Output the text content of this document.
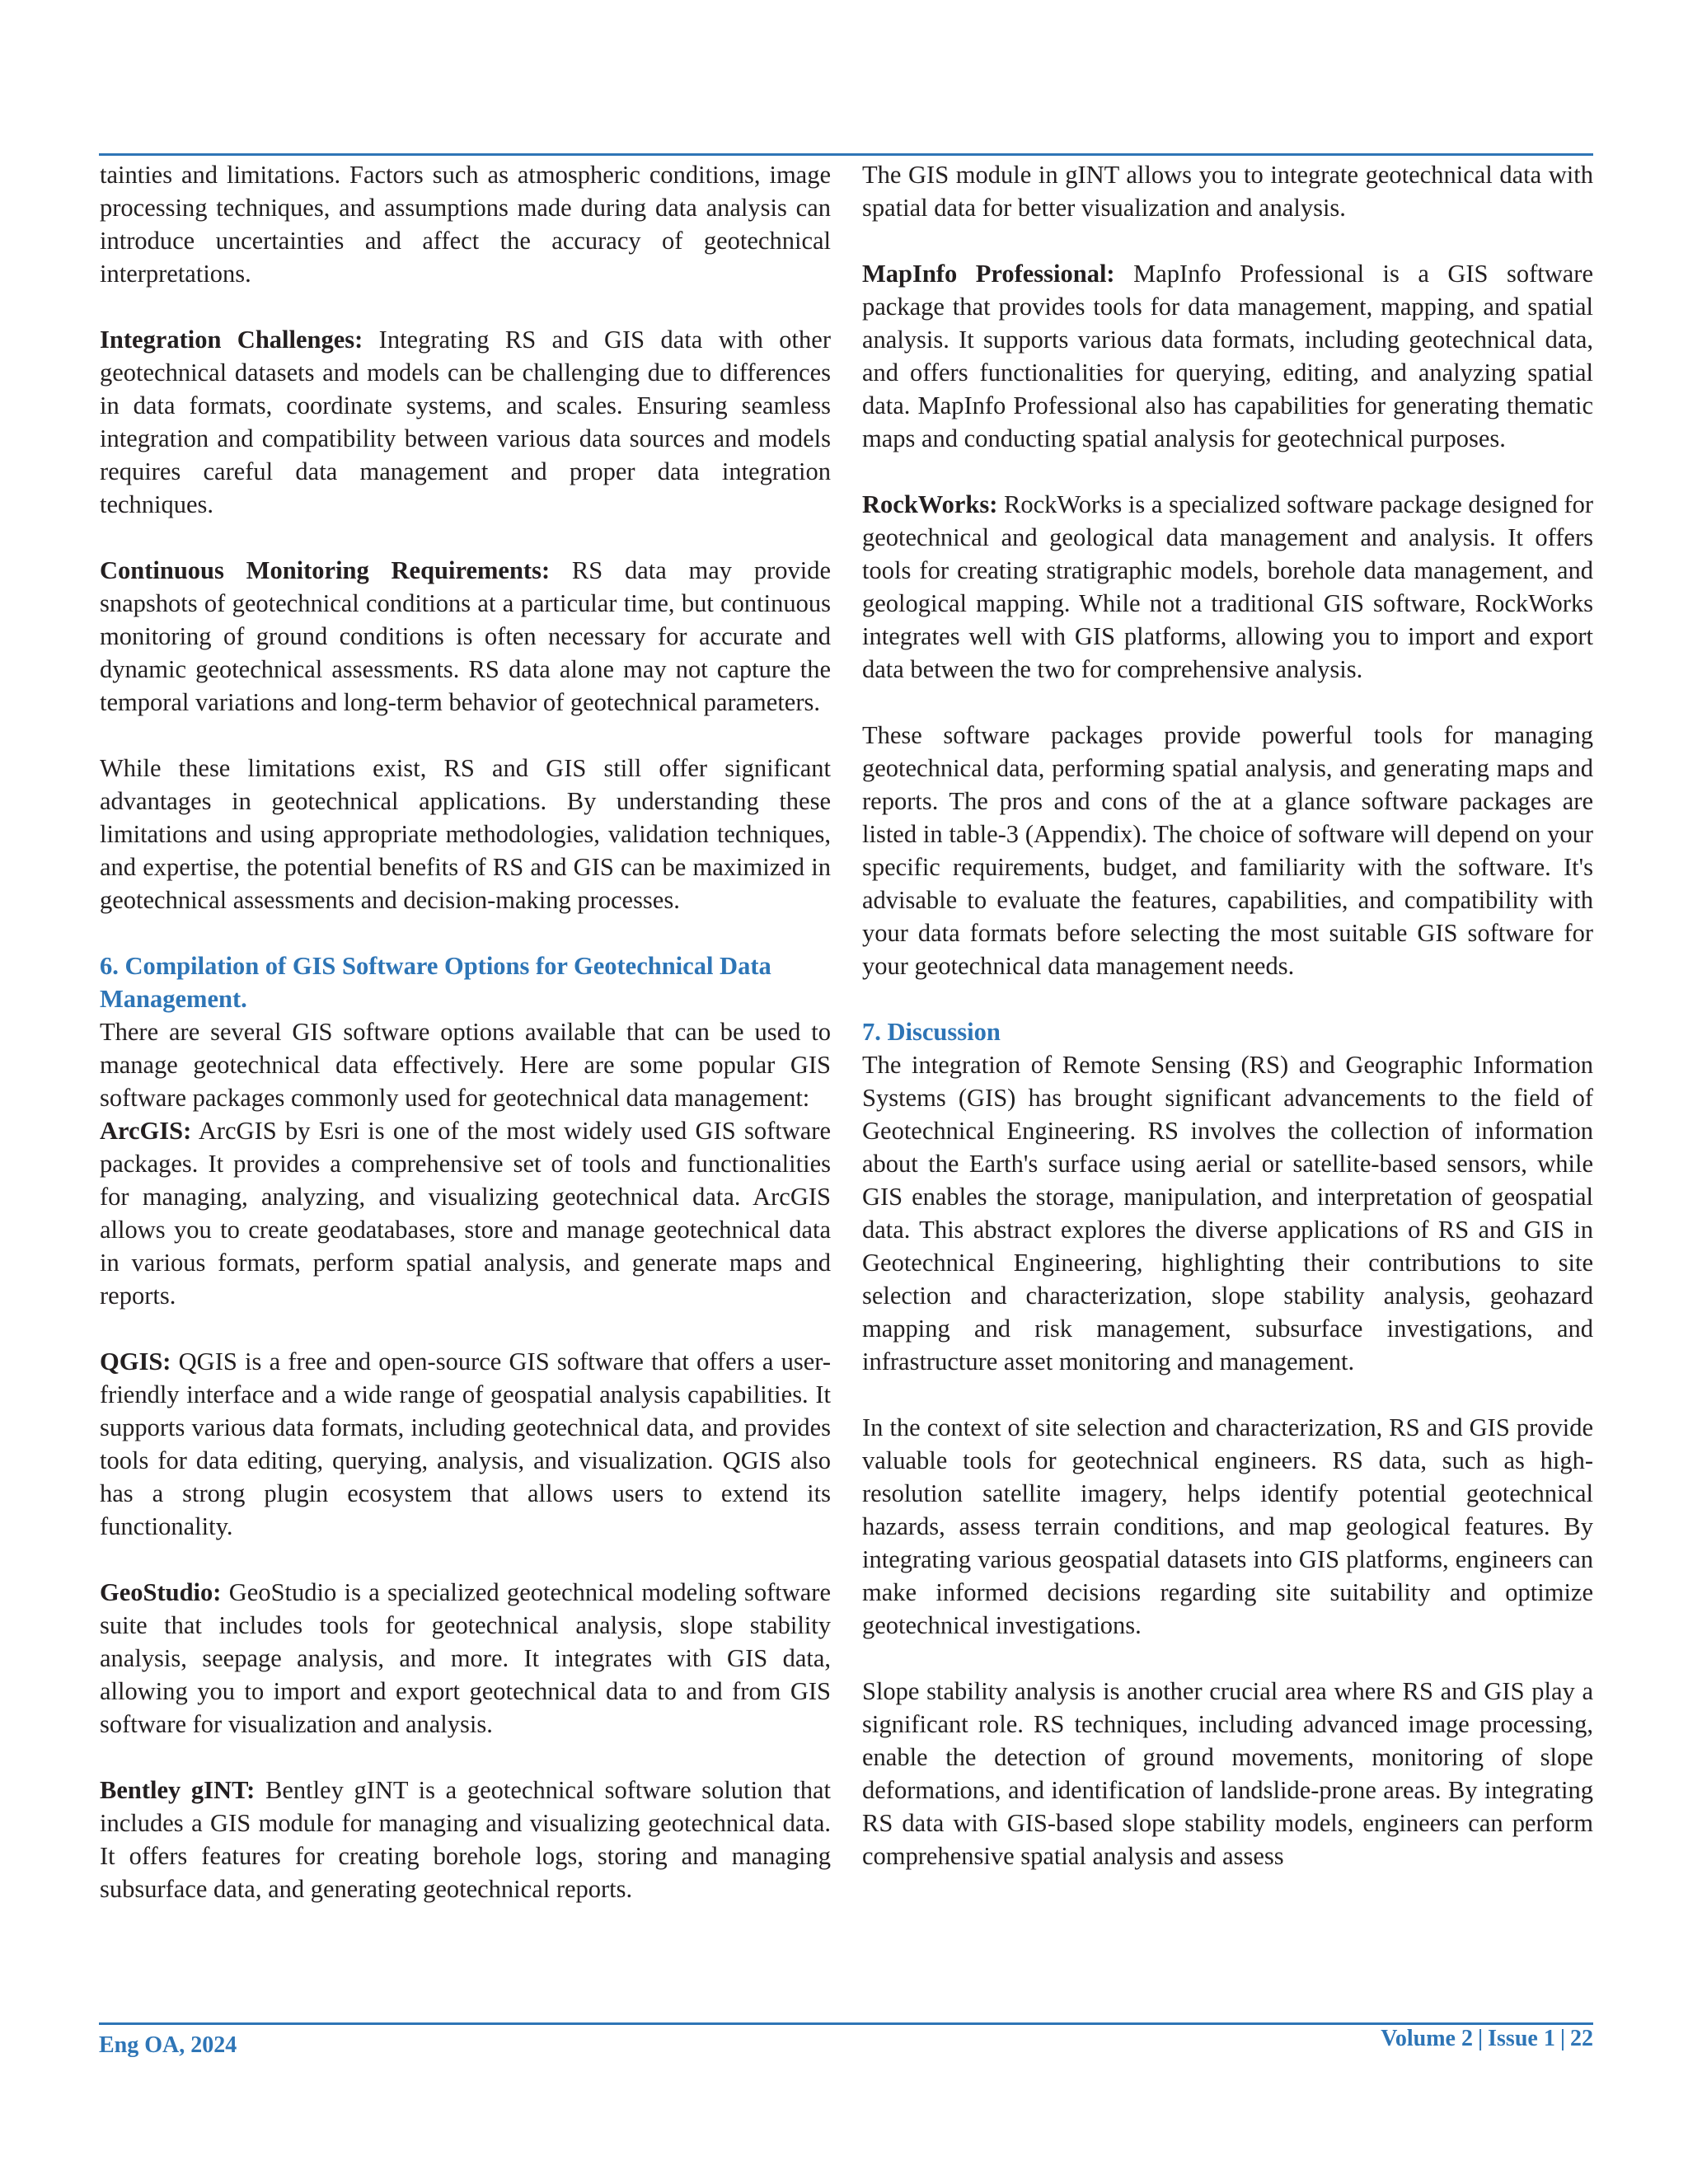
tainties and limitations. Factors such as atmospheric conditions, image processing techniques, and assumptions made during data analysis can introduce uncertainties and affect the accuracy of geotechnical interpretations.

Integration Challenges: Integrating RS and GIS data with other geotechnical datasets and models can be challenging due to differences in data formats, coordinate systems, and scales. Ensuring seamless integration and compatibility between various data sources and models requires careful data management and proper data integration techniques.

Continuous Monitoring Requirements: RS data may provide snapshots of geotechnical conditions at a particular time, but continuous monitoring of ground conditions is often necessary for accurate and dynamic geotechnical assessments. RS data alone may not capture the temporal variations and long-term behavior of geotechnical parameters.

While these limitations exist, RS and GIS still offer significant advantages in geotechnical applications. By understanding these limitations and using appropriate methodologies, validation techniques, and expertise, the potential benefits of RS and GIS can be maximized in geotechnical assessments and decision-making processes.

6. Compilation of GIS Software Options for Geotechnical Data Management.

There are several GIS software options available that can be used to manage geotechnical data effectively. Here are some popular GIS software packages commonly used for geotechnical data management:

ArcGIS: ArcGIS by Esri is one of the most widely used GIS software packages. It provides a comprehensive set of tools and functionalities for managing, analyzing, and visualizing geotechnical data. ArcGIS allows you to create geodatabases, store and manage geotechnical data in various formats, perform spatial analysis, and generate maps and reports.

QGIS: QGIS is a free and open-source GIS software that offers a user-friendly interface and a wide range of geospatial analysis capabilities. It supports various data formats, including geotechnical data, and provides tools for data editing, querying, analysis, and visualization. QGIS also has a strong plugin ecosystem that allows users to extend its functionality.

GeoStudio: GeoStudio is a specialized geotechnical modeling software suite that includes tools for geotechnical analysis, slope stability analysis, seepage analysis, and more. It integrates with GIS data, allowing you to import and export geotechnical data to and from GIS software for visualization and analysis.

Bentley gINT: Bentley gINT is a geotechnical software solution that includes a GIS module for managing and visualizing geotechnical data. It offers features for creating borehole logs, storing and managing subsurface data, and generating geotechnical reports.

The GIS module in gINT allows you to integrate geotechnical data with spatial data for better visualization and analysis.

MapInfo Professional: MapInfo Professional is a GIS software package that provides tools for data management, mapping, and spatial analysis. It supports various data formats, including geotechnical data, and offers functionalities for querying, editing, and analyzing spatial data. MapInfo Professional also has capabilities for generating thematic maps and conducting spatial analysis for geotechnical purposes.

RockWorks: RockWorks is a specialized software package designed for geotechnical and geological data management and analysis. It offers tools for creating stratigraphic models, borehole data management, and geological mapping. While not a traditional GIS software, RockWorks integrates well with GIS platforms, allowing you to import and export data between the two for comprehensive analysis.

These software packages provide powerful tools for managing geotechnical data, performing spatial analysis, and generating maps and reports. The pros and cons of the at a glance software packages are listed in table-3 (Appendix). The choice of software will depend on your specific requirements, budget, and familiarity with the software. It's advisable to evaluate the features, capabilities, and compatibility with your data formats before selecting the most suitable GIS software for your geotechnical data management needs.

7. Discussion

The integration of Remote Sensing (RS) and Geographic Information Systems (GIS) has brought significant advancements to the field of Geotechnical Engineering. RS involves the collection of information about the Earth's surface using aerial or satellite-based sensors, while GIS enables the storage, manipulation, and interpretation of geospatial data. This abstract explores the diverse applications of RS and GIS in Geotechnical Engineering, highlighting their contributions to site selection and characterization, slope stability analysis, geohazard mapping and risk management, subsurface investigations, and infrastructure asset monitoring and management.

In the context of site selection and characterization, RS and GIS provide valuable tools for geotechnical engineers. RS data, such as high-resolution satellite imagery, helps identify potential geotechnical hazards, assess terrain conditions, and map geological features. By integrating various geospatial datasets into GIS platforms, engineers can make informed decisions regarding site suitability and optimize geotechnical investigations.

Slope stability analysis is another crucial area where RS and GIS play a significant role. RS techniques, including advanced image processing, enable the detection of ground movements, monitoring of slope deformations, and identification of landslide-prone areas. By integrating RS data with GIS-based slope stability models, engineers can perform comprehensive spatial analysis and assess

Eng OA, 2024	Volume 2 | Issue 1 | 22
